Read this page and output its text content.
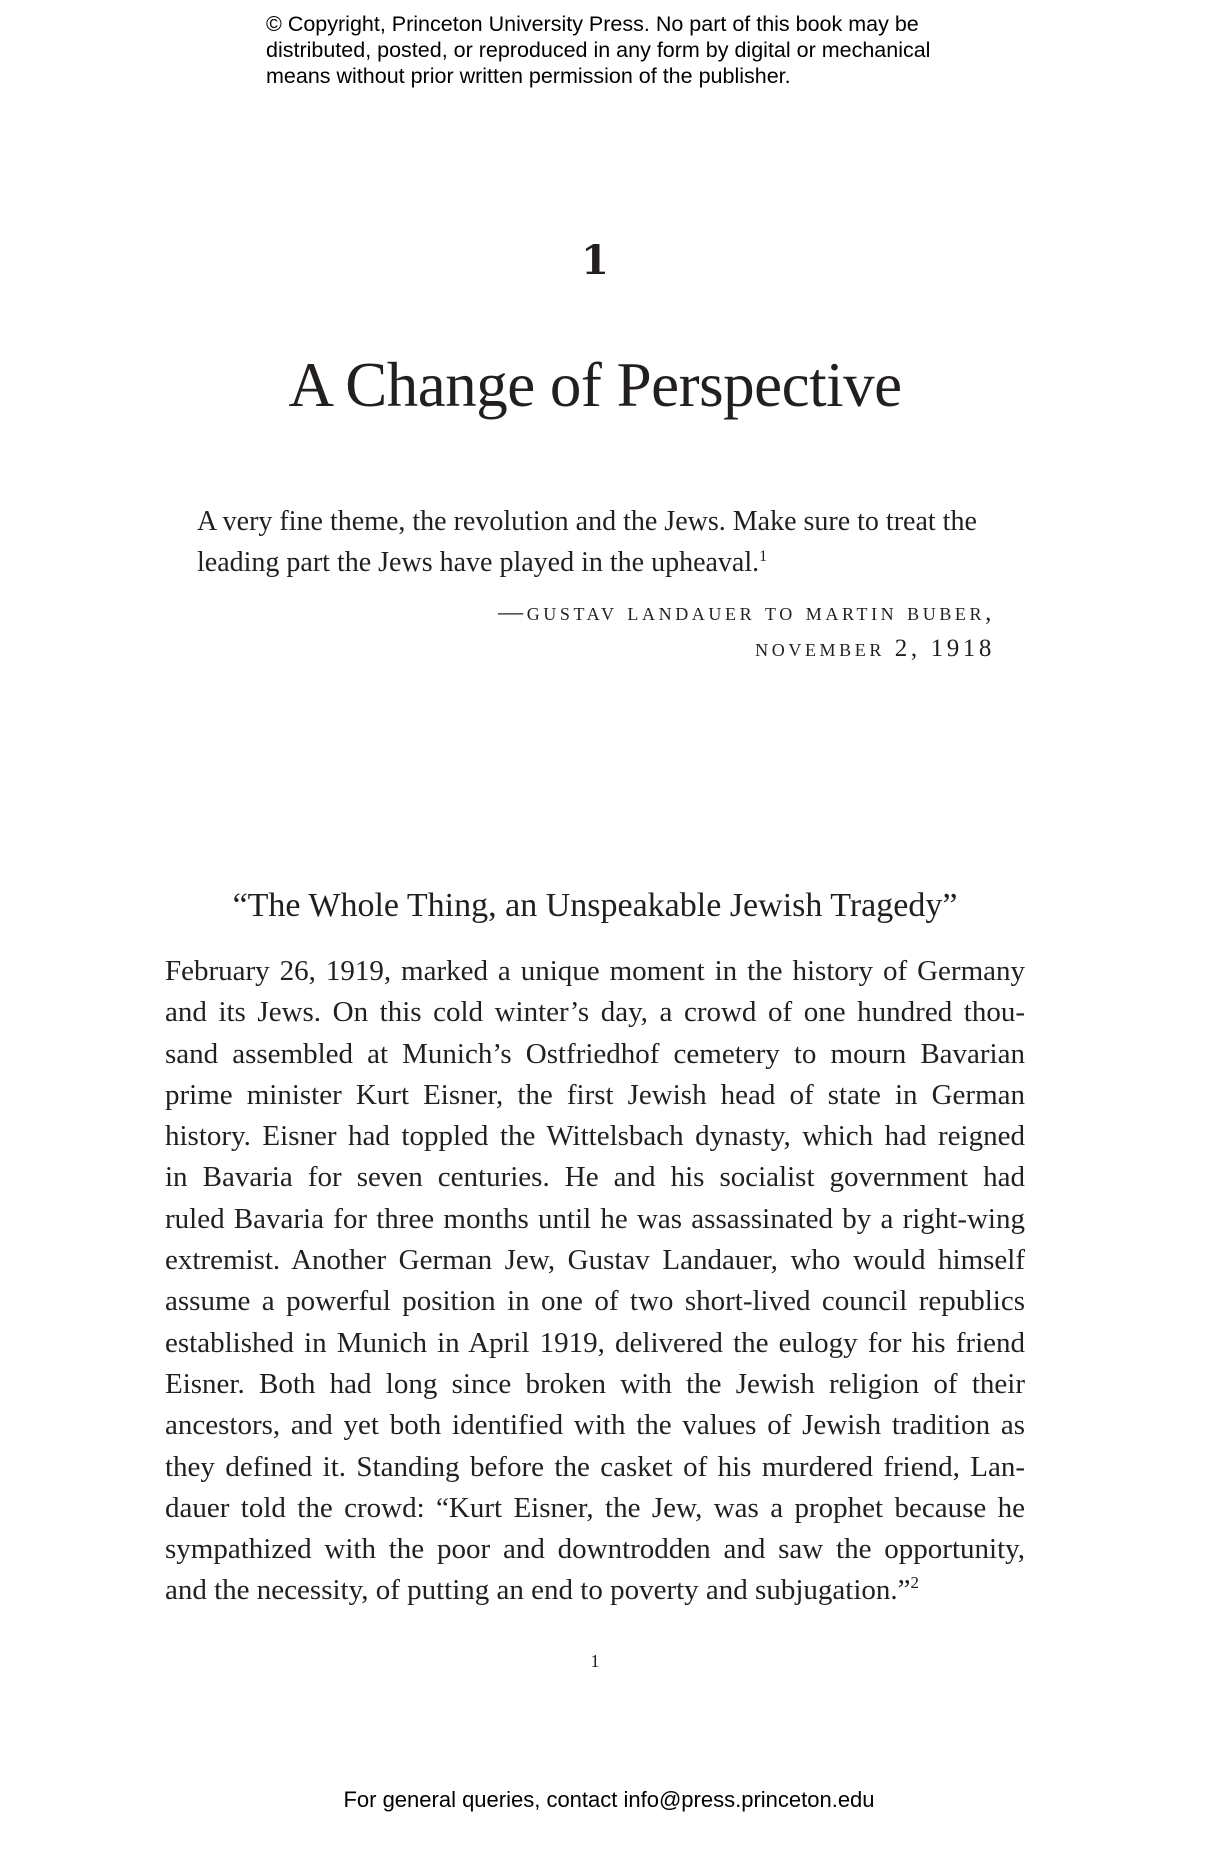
© Copyright, Princeton University Press. No part of this book may be
distributed, posted, or reproduced in any form by digital or mechanical
means without prior written permission of the publisher.
1
A Change of Perspective
A very fine theme, the revolution and the Jews. Make sure to treat the
leading part the Jews have played in the upheaval.$^1$
—gustav landauer to martin buber,
november 2, 1918
“The Whole Thing, an Unspeakable Jewish Tragedy”
February 26, 1919, marked a unique moment in the history of Germany
and its Jews. On this cold winter’s day, a crowd of one hundred thou-
sand assembled at Munich’s Ostfriedhof cemetery to mourn Bavarian
prime minister Kurt Eisner, the first Jewish head of state in German
history. Eisner had toppled the Wittelsbach dynasty, which had reigned
in Bavaria for seven centuries. He and his socialist government had
ruled Bavaria for three months until he was assassinated by a right-wing
extremist. Another German Jew, Gustav Landauer, who would himself
assume a powerful position in one of two short-lived council republics
established in Munich in April 1919, delivered the eulogy for his friend
Eisner. Both had long since broken with the Jewish religion of their
ancestors, and yet both identified with the values of Jewish tradition as
they defined it. Standing before the casket of his murdered friend, Lan-
dauer told the crowd: “Kurt Eisner, the Jew, was a prophet because he
sympathized with the poor and downtrodden and saw the opportunity,
and the necessity, of putting an end to poverty and subjugation.”$^2$
1
For general queries, contact info@press.princeton.edu
